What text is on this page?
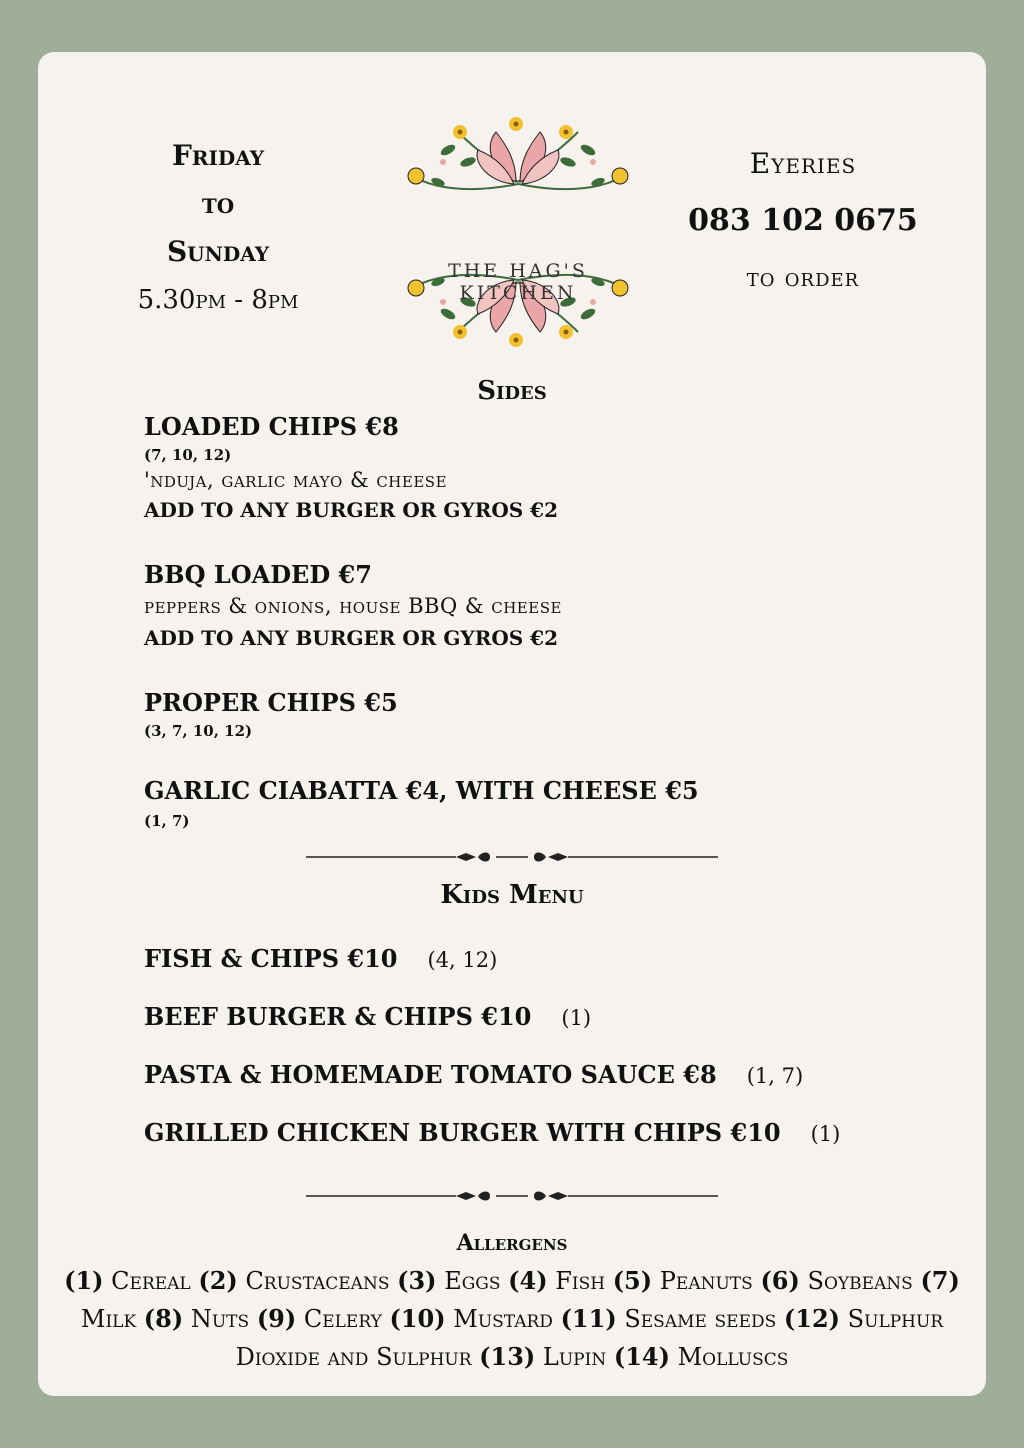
Friday
to
Sunday
5.30pm - 8pm
THE HAG'S KITCHEN
Eyeries
083 102 0675
to order
Sides
LOADED CHIPS €8
(7, 10, 12)
'nduja, garlic mayo & cheese
ADD TO ANY BURGER OR GYROS €2
BBQ LOADED €7
peppers & onions, house BBQ & cheese
ADD TO ANY BURGER OR GYROS €2
PROPER CHIPS €5
(3, 7, 10, 12)
GARLIC CIABATTA €4, WITH CHEESE €5
(1, 7)
Kids Menu
FISH & CHIPS €10 (4, 12)
BEEF BURGER & CHIPS €10 (1)
PASTA & HOMEMADE TOMATO SAUCE €8 (1, 7)
GRILLED CHICKEN BURGER WITH CHIPS €10 (1)
Allergens
(1) Cereal (2) Crustaceans (3) Eggs (4) Fish (5) Peanuts (6) Soybeans (7) Milk (8) Nuts (9) Celery (10) Mustard (11) Sesame seeds (12) Sulphur Dioxide and Sulphur (13) Lupin (14) Molluscs
